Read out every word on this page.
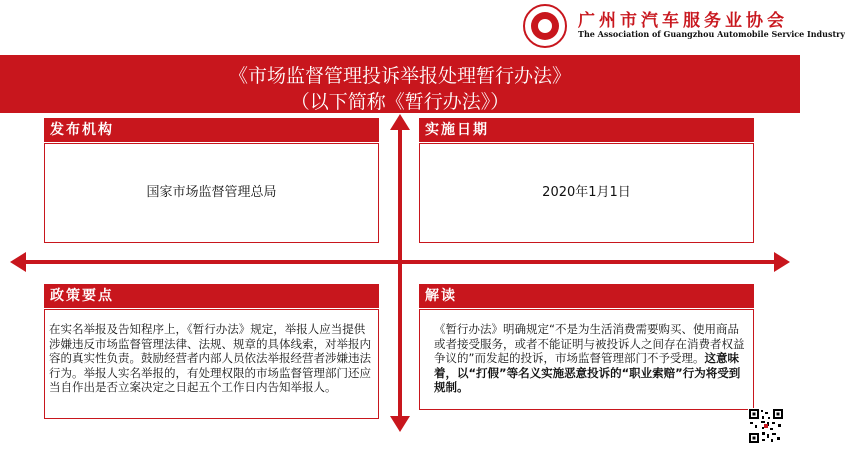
广州市汽车服务业协会
The Association of Guangzhou Automobile Service Industry
《市场监督管理投诉举报处理暂行办法》
（以下简称《暂行办法》）
发布机构
国家市场监督管理总局
实施日期
2020年1月1日
政策要点
在实名举报及告知程序上，《暂行办法》规定，举报人应当提供涉嫌违反市场监督管理法律、法规、规章的具体线索，对举报内容的真实性负责。鼓励经营者内部人员依法举报经营者涉嫌违法行为。举报人实名举报的，有处理权限的市场监督管理部门还应当自作出是否立案决定之日起五个工作日内告知举报人。
解读
《暂行办法》明确规定“不是为生活消费需要购买、使用商品或者接受服务，或者不能证明与被投诉人之间存在消费者权益争议的”而发起的投诉，市场监督管理部门不予受理。这意味着，以“打假”等名义实施恶意投诉的“职业索赔”行为将受到规制。
